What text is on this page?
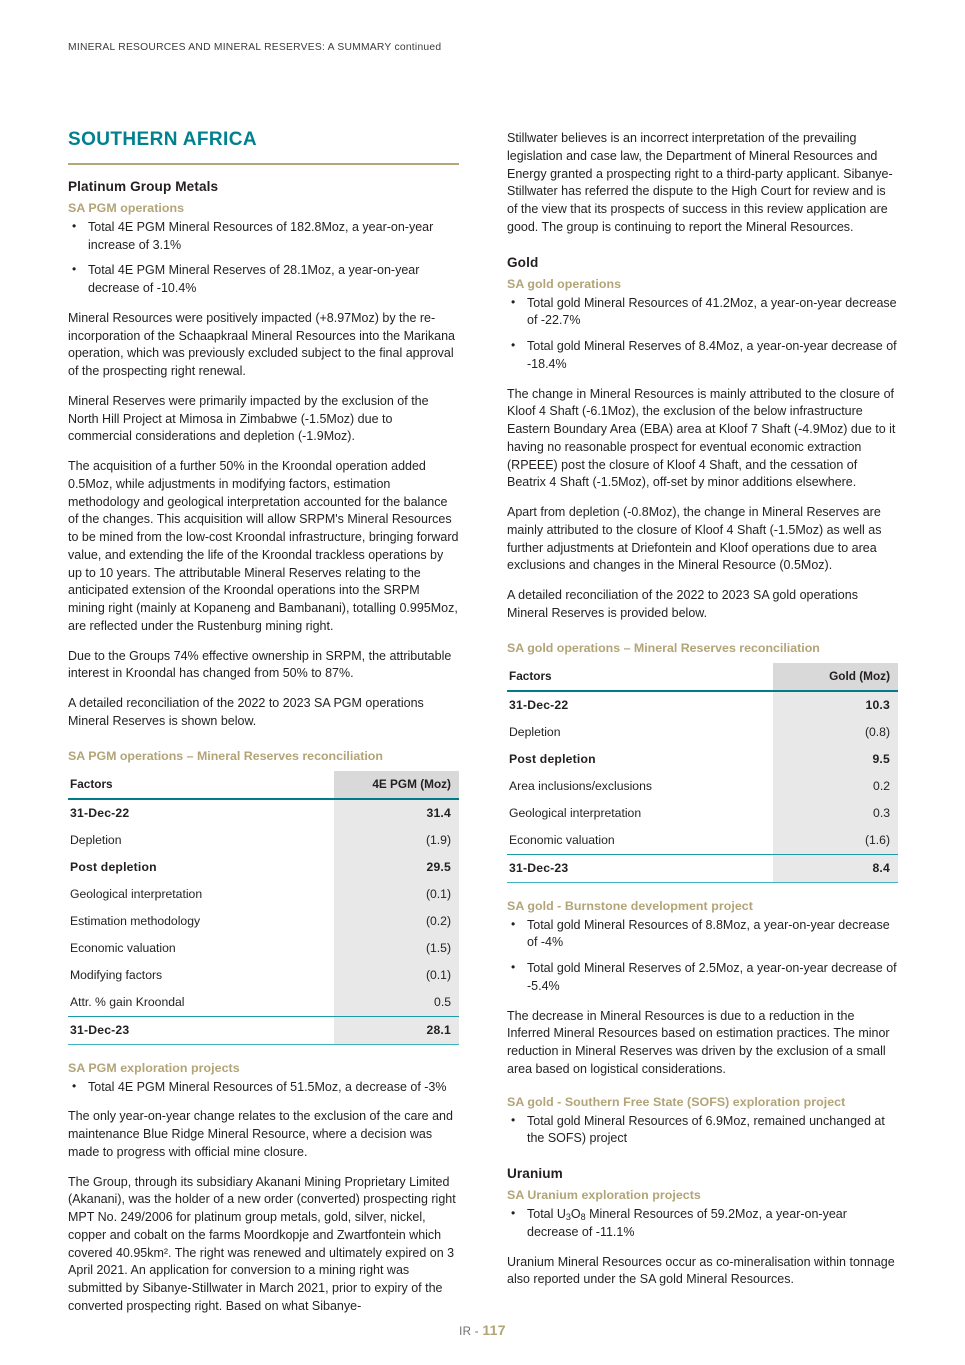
MINERAL RESOURCES AND MINERAL RESERVES: A SUMMARY continued
SOUTHERN AFRICA
Platinum Group Metals
SA PGM operations
• Total 4E PGM Mineral Resources of 182.8Moz, a year-on-year increase of 3.1%
• Total 4E PGM Mineral Reserves of 28.1Moz, a year-on-year decrease of -10.4%

Mineral Resources were positively impacted (+8.97Moz) by the re-incorporation of the Schaapkraal Mineral Resources into the Marikana operation, which was previously excluded subject to the final approval of the prospecting right renewal.

Mineral Reserves were primarily impacted by the exclusion of the North Hill Project at Mimosa in Zimbabwe (-1.5Moz) due to commercial considerations and depletion (-1.9Moz).

The acquisition of a further 50% in the Kroondal operation added 0.5Moz, while adjustments in modifying factors, estimation methodology and geological interpretation accounted for the balance of the changes. This acquisition will allow SRPM's Mineral Resources to be mined from the low-cost Kroondal infrastructure, bringing forward value, and extending the life of the Kroondal trackless operations by up to 10 years. The attributable Mineral Reserves relating to the anticipated extension of the Kroondal operations into the SRPM mining right (mainly at Kopaneng and Bambanani), totalling 0.995Moz, are reflected under the Rustenburg mining right.

Due to the Groups 74% effective ownership in SRPM, the attributable interest in Kroondal has changed from 50% to 87%.

A detailed reconciliation of the 2022 to 2023 SA PGM operations Mineral Reserves is shown below.

SA PGM operations – Mineral Reserves reconciliation
Factors	4E PGM (Moz)
31-Dec-22	31.4
Depletion	(1.9)
Post depletion	29.5
Geological interpretation	(0.1)
Estimation methodology	(0.2)
Economic valuation	(1.5)
Modifying factors	(0.1)
Attr. % gain Kroondal	0.5
31-Dec-23	28.1
SA PGM exploration projects
• Total 4E PGM Mineral Resources of 51.5Moz, a decrease of -3%

The only year-on-year change relates to the exclusion of the care and maintenance Blue Ridge Mineral Resource, where a decision was made to progress with official mine closure.

The Group, through its subsidiary Akanani Mining Proprietary Limited (Akanani), was the holder of a new order (converted) prospecting right MPT No. 249/2006 for platinum group metals, gold, silver, nickel, copper and cobalt on the farms Moordkopje and Zwartfontein which covered 40.95km². The right was renewed and ultimately expired on 3 April 2021. An application for conversion to a mining right was submitted by Sibanye-Stillwater in March 2021, prior to expiry of the converted prospecting right. Based on what Sibanye-

Stillwater believes is an incorrect interpretation of the prevailing legislation and case law, the Department of Mineral Resources and Energy granted a prospecting right to a third-party applicant. Sibanye-Stillwater has referred the dispute to the High Court for review and is of the view that its prospects of success in this review application are good. The group is continuing to report the Mineral Resources.

Gold
SA gold operations
• Total gold Mineral Resources of 41.2Moz, a year-on-year decrease of -22.7%
• Total gold Mineral Reserves of 8.4Moz, a year-on-year decrease of -18.4%

The change in Mineral Resources is mainly attributed to the closure of Kloof 4 Shaft (-6.1Moz), the exclusion of the below infrastructure Eastern Boundary Area (EBA) area at Kloof 7 Shaft (-4.9Moz) due to it having no reasonable prospect for eventual economic extraction (RPEEE) post the closure of Kloof 4 Shaft, and the cessation of Beatrix 4 Shaft (-1.5Moz), off-set by minor additions elsewhere.

Apart from depletion (-0.8Moz), the change in Mineral Reserves are mainly attributed to the closure of Kloof 4 Shaft (-1.5Moz) as well as further adjustments at Driefontein and Kloof operations due to area exclusions and changes in the Mineral Resource (0.5Moz).

A detailed reconciliation of the 2022 to 2023 SA gold operations Mineral Reserves is provided below.

SA gold operations – Mineral Reserves reconciliation
Factors	Gold (Moz)
31-Dec-22	10.3
Depletion	(0.8)
Post depletion	9.5
Area inclusions/exclusions	0.2
Geological interpretation	0.3
Economic valuation	(1.6)
31-Dec-23	8.4
SA gold - Burnstone development project
• Total gold Mineral Resources of 8.8Moz, a year-on-year decrease of -4%
• Total gold Mineral Reserves of 2.5Moz, a year-on-year decrease of -5.4%

The decrease in Mineral Resources is due to a reduction in the Inferred Mineral Resources based on estimation practices. The minor reduction in Mineral Reserves was driven by the exclusion of a small area based on logistical considerations.

SA gold - Southern Free State (SOFS) exploration project
• Total gold Mineral Resources of 6.9Moz, remained unchanged at the SOFS) project
Uranium
SA Uranium exploration projects
• Total $U_3O_8$ Mineral Resources of 59.2Moz, a year-on-year decrease of -11.1%

Uranium Mineral Resources occur as co-mineralisation within tonnage also reported under the SA gold Mineral Resources.

IR - 117
